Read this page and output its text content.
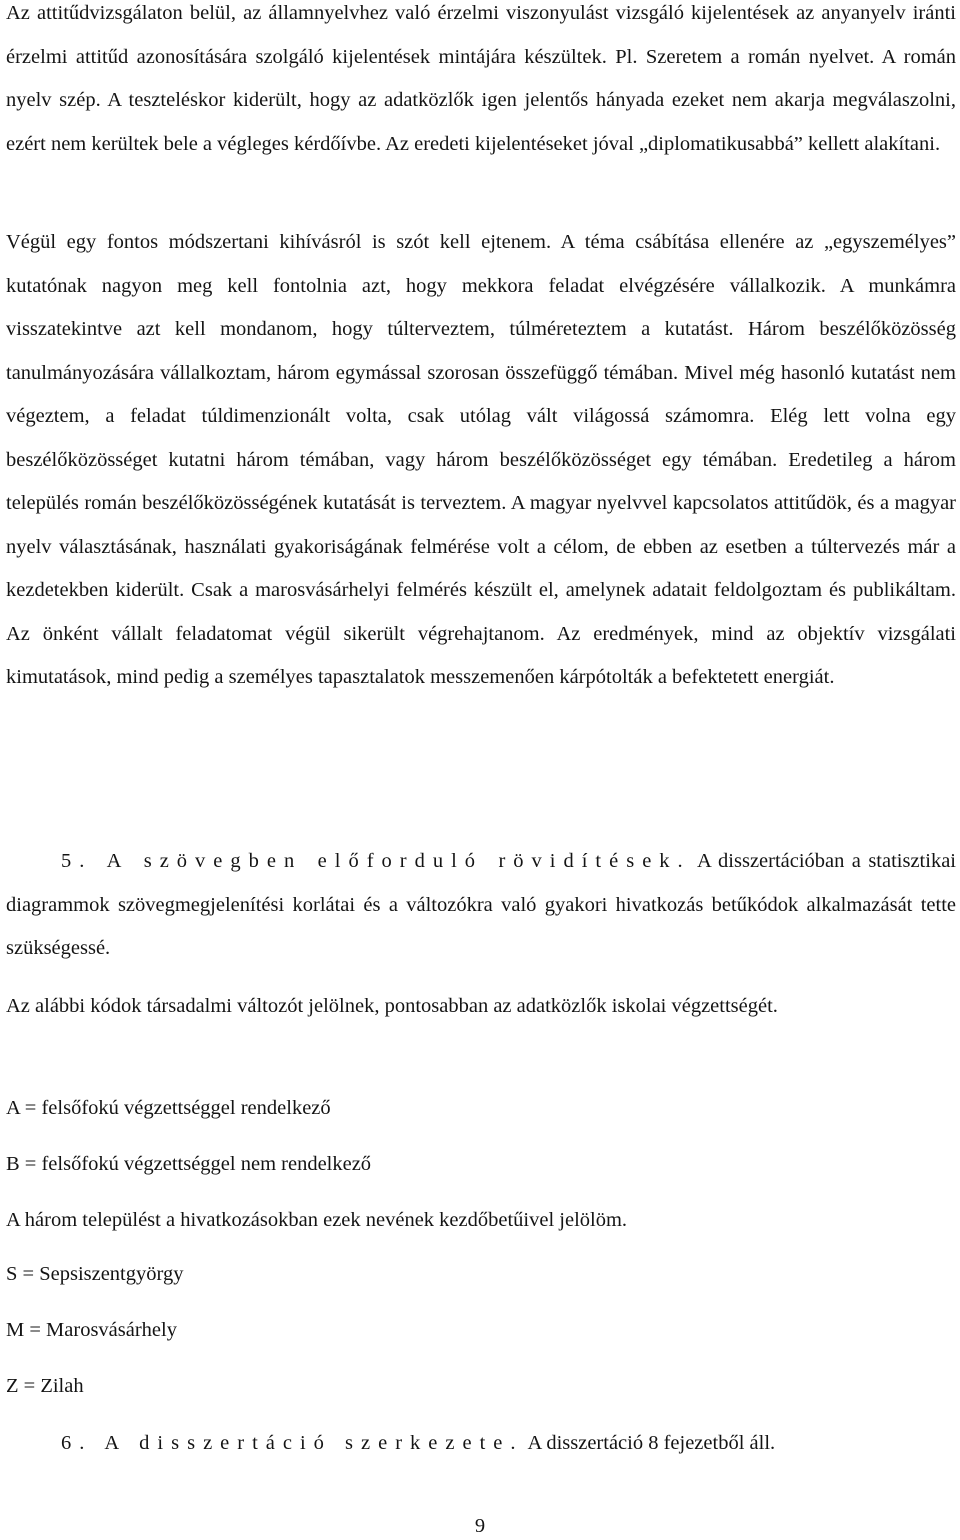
Az attitűdvizsgálaton belül, az államnyelvhez való érzelmi viszonyulást vizsgáló kijelentések az anyanyelv iránti érzelmi attitűd azonosítására szolgáló kijelentések mintájára készültek. Pl. Szeretem a román nyelvet. A román nyelv szép. A teszteléskor kiderült, hogy az adatközlők igen jelentős hányada ezeket nem akarja megválaszolni, ezért nem kerültek bele a végleges kérdőívbe. Az eredeti kijelentéseket jóval „diplomatikusabbá” kellett alakítani.

Végül egy fontos módszertani kihívásról is szót kell ejtenem. A téma csábítása ellenére az „egyszemélyes” kutatónak nagyon meg kell fontolnia azt, hogy mekkora feladat elvégzésére vállalkozik. A munkámra visszatekintve azt kell mondanom, hogy túlterveztem, túlméreteztem a kutatást. Három beszélőközösség tanulmányozására vállalkoztam, három egymással szorosan összefüggő témában. Mivel még hasonló kutatást nem végeztem, a feladat túldimenzionált volta, csak utólag vált világossá számomra. Elég lett volna egy beszélőközösséget kutatni három témában, vagy három beszélőközösséget egy témában. Eredetileg a három település román beszélőközösségének kutatását is terveztem. A magyar nyelvvel kapcsolatos attitűdök, és a magyar nyelv választásának, használati gyakoriságának felmérése volt a célom, de ebben az esetben a túltervezés már a kezdetekben kiderült. Csak a marosvásárhelyi felmérés készült el, amelynek adatait feldolgoztam és publikáltam. Az önként vállalt feladatomat végül sikerült végrehajtanom. Az eredmények, mind az objektív vizsgálati kimutatások, mind pedig a személyes tapasztalatok messzemenően kárpótolták a befektetett energiát.

5. A szövegben előforduló rövidítések. A disszertációban a statisztikai diagrammok szövegmegjelenítési korlátai és a változókra való gyakori hivatkozás betűkódok alkalmazását tette szükségessé.

Az alábbi kódok társadalmi változót jelölnek, pontosabban az adatközlők iskolai végzettségét.

A = felsőfokú végzettséggel rendelkező

B = felsőfokú végzettséggel nem rendelkező

A három települést a hivatkozásokban ezek nevének kezdőbetűivel jelölöm.

S = Sepsiszentgyörgy

M = Marosvásárhely

Z = Zilah

6. A disszertáció szerkezete. A disszertáció 8 fejezetből áll.

9
